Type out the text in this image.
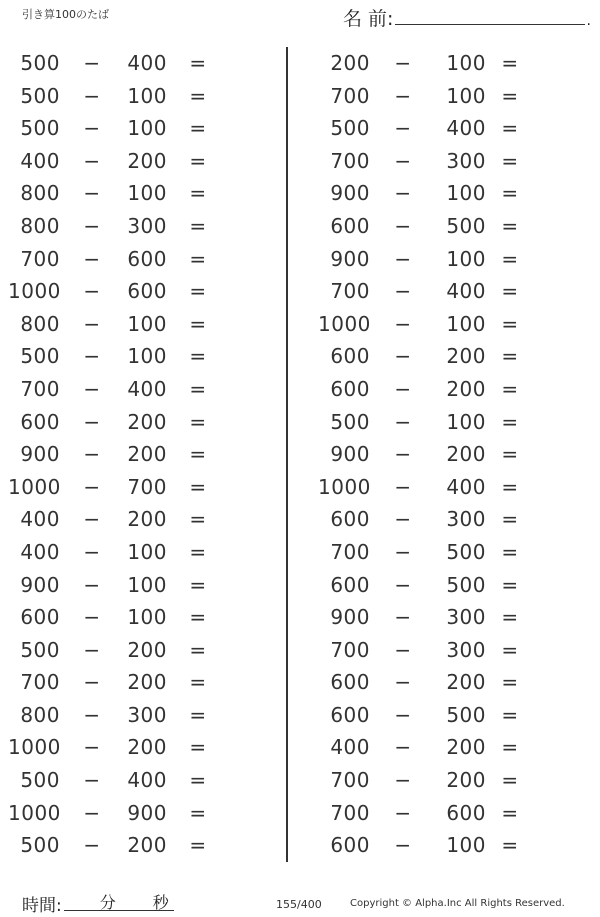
引き算100のたば	名 前:	.
500 −	400 =
500 −	100 =
500 −	100 =
400 −	200 =
800 −	100 =
800 −	300 =
700 −	600 =
1000 −	600 =
800 −	100 =
500 −	100 =
700 −	400 =
600 −	200 =
900 −	200 =
1000 −	700 =
400 −	200 =
400 −	100 =
900 −	100 =
600 −	100 =
500 −	200 =
700 −	200 =
800 −	300 =
1000 −	200 =
500 −	400 =
1000 −	900 =
500 −	200 =
200 −	100 =
700 −	100 =
500 −	400 =
700 −	300 =
900 −	100 =
600 −	500 =
900 −	100 =
700 −	400 =
1000 −	100 =
600 −	200 =
600 −	200 =
500 −	100 =
900 −	200 =
1000 −	400 =
600 −	300 =
700 −	500 =
600 −	500 =
900 −	300 =
700 −	300 =
600 −	200 =
600 −	500 =
400 −	200 =
700 −	200 =
700 −	600 =
600 −	100 =
時間: 分 秒	155/400	Copyright © Alpha.Inc All Rights Reserved.
